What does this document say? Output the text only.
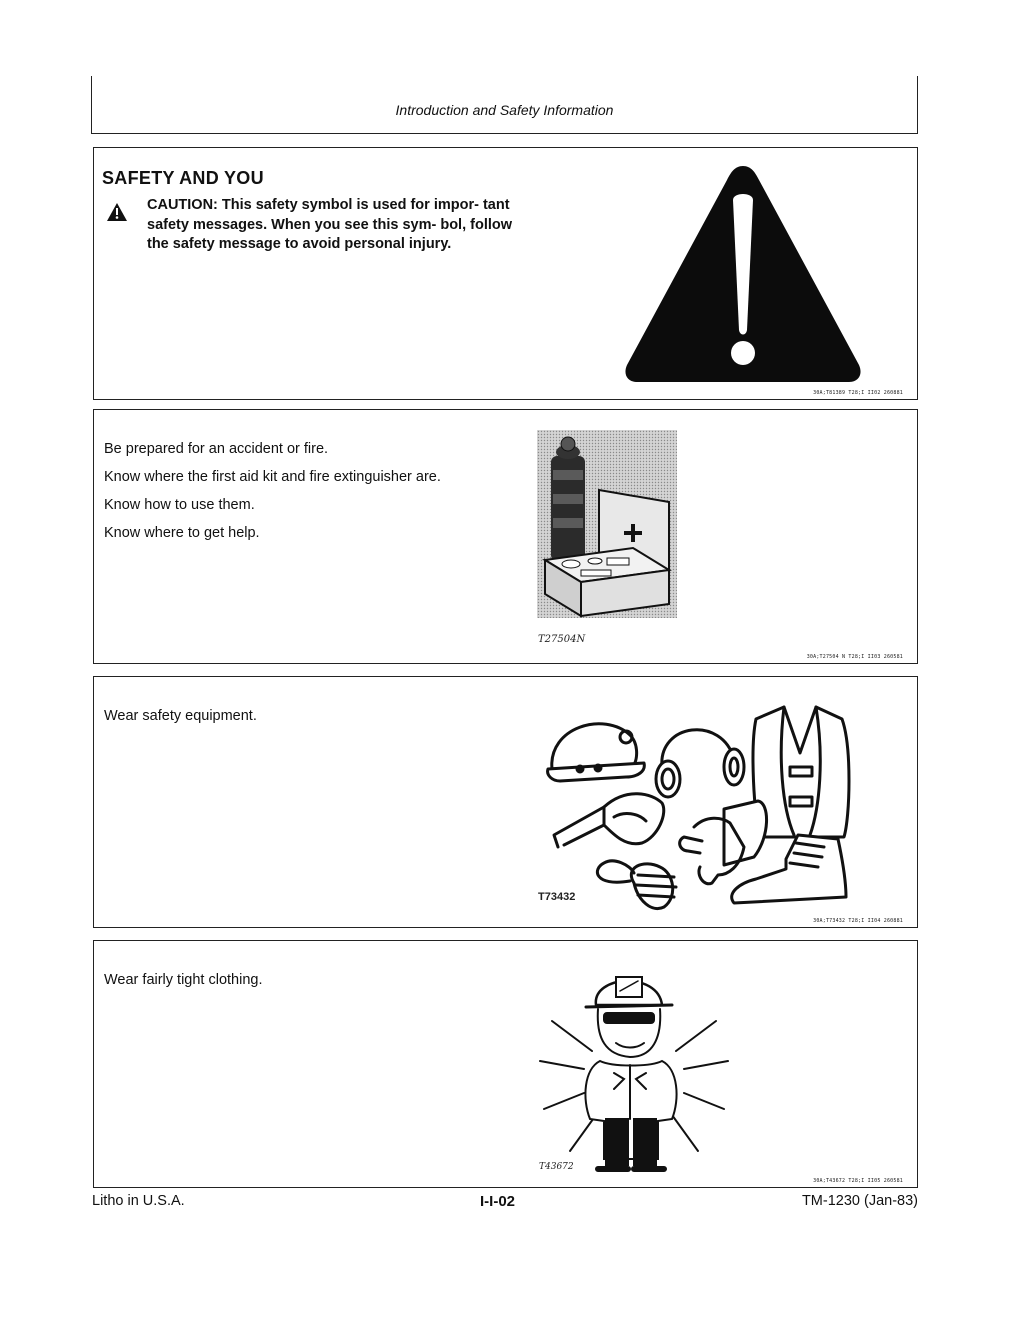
Introduction and Safety Information
SAFETY AND YOU
CAUTION: This safety symbol is used for impor- tant safety messages. When you see this sym- bol, follow the safety message to avoid personal injury.
30A;T81389 T28;I II02 260881
Be prepared for an accident or fire.
Know where the first aid kit and fire extinguisher are.
Know how to use them.
Know where to get help.
T27504N
30A;T27504 N T28;I II03 260581
Wear safety equipment.
T73432
30A;T73432 T28;I II04 260881
Wear fairly tight clothing.
T43672
30A;T43672 T28;I II05 260581
Litho in U.S.A.	I-I-02	TM-1230 (Jan-83)
